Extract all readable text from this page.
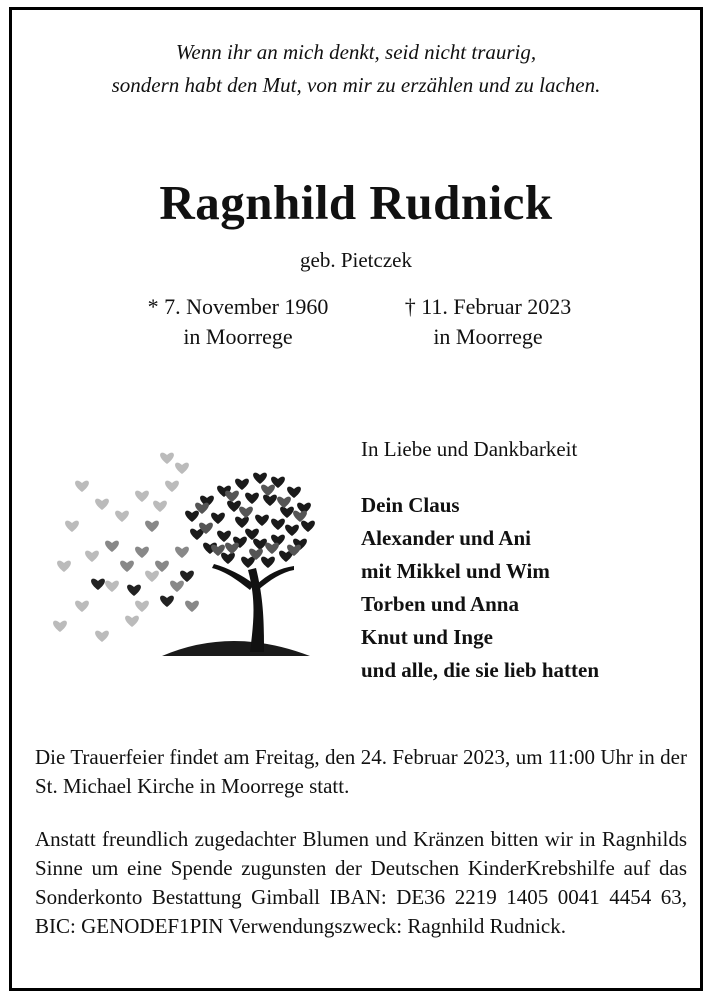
Wenn ihr an mich denkt, seid nicht traurig,
sondern habt den Mut, von mir zu erzählen und zu lachen.
Ragnhild Rudnick
geb. Pietczek
* 7. November 1960
in Moorrege
† 11. Februar 2023
in Moorrege
In Liebe und Dankbarkeit
Dein Claus
Alexander und Ani
mit Mikkel und Wim
Torben und Anna
Knut und Inge
und alle, die sie lieb hatten
Die Trauerfeier findet am Freitag, den 24. Februar 2023, um 11:00 Uhr in der St. Michael Kirche in Moorrege statt.
Anstatt freundlich zugedachter Blumen und Kränzen bitten wir in Ragnhilds Sinne um eine Spende zugunsten der Deutschen KinderKrebshilfe auf das Sonderkonto Bestattung Gimball IBAN: DE36 2219 1405 0041 4454 63, BIC: GENODEF1PIN Verwendungszweck: Ragnhild Rudnick.
